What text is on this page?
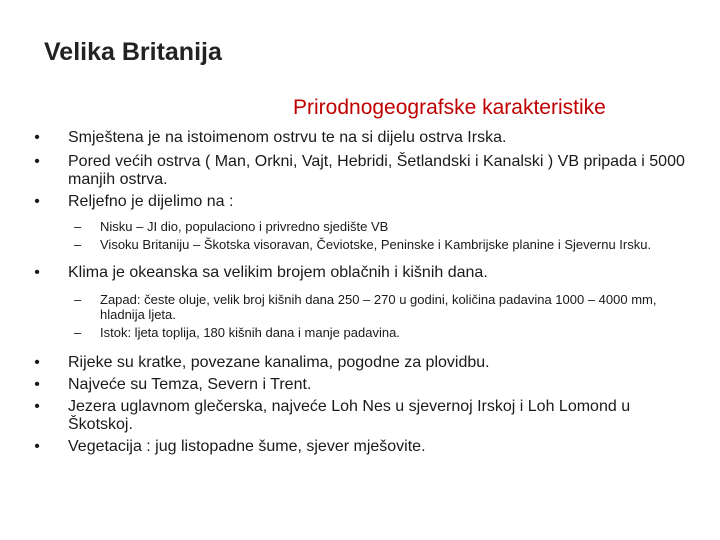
Velika Britanija
Prirodnogeografske karakteristike
• Smještena je na istoimenom ostrvu te na si dijelu ostrva Irska.
• Pored većih ostrva ( Man, Orkni, Vajt, Hebridi, Šetlandski i Kanalski ) VB pripada i 5000 manjih ostrva.
• Reljefno je dijelimo na :
– Nisku – JI dio, populaciono i privredno sjedište VB
– Visoku Britaniju – Škotska visoravan, Čeviotske, Peninske i Kambrijske planine i Sjevernu Irsku.
• Klima je okeanska sa velikim brojem oblačnih i kišnih dana.
– Zapad: česte oluje, velik broj kišnih dana 250 – 270 u godini, količina padavina 1000 – 4000 mm, hladnija ljeta.
– Istok: ljeta toplija, 180 kišnih dana i manje padavina.
• Rijeke su kratke, povezane kanalima, pogodne za plovidbu.
• Najveće su Temza, Severn i Trent.
• Jezera uglavnom glečerska, najveće Loh Nes u sjevernoj Irskoj i Loh Lomond u Škotskoj.
• Vegetacija : jug listopadne šume, sjever mješovite.
